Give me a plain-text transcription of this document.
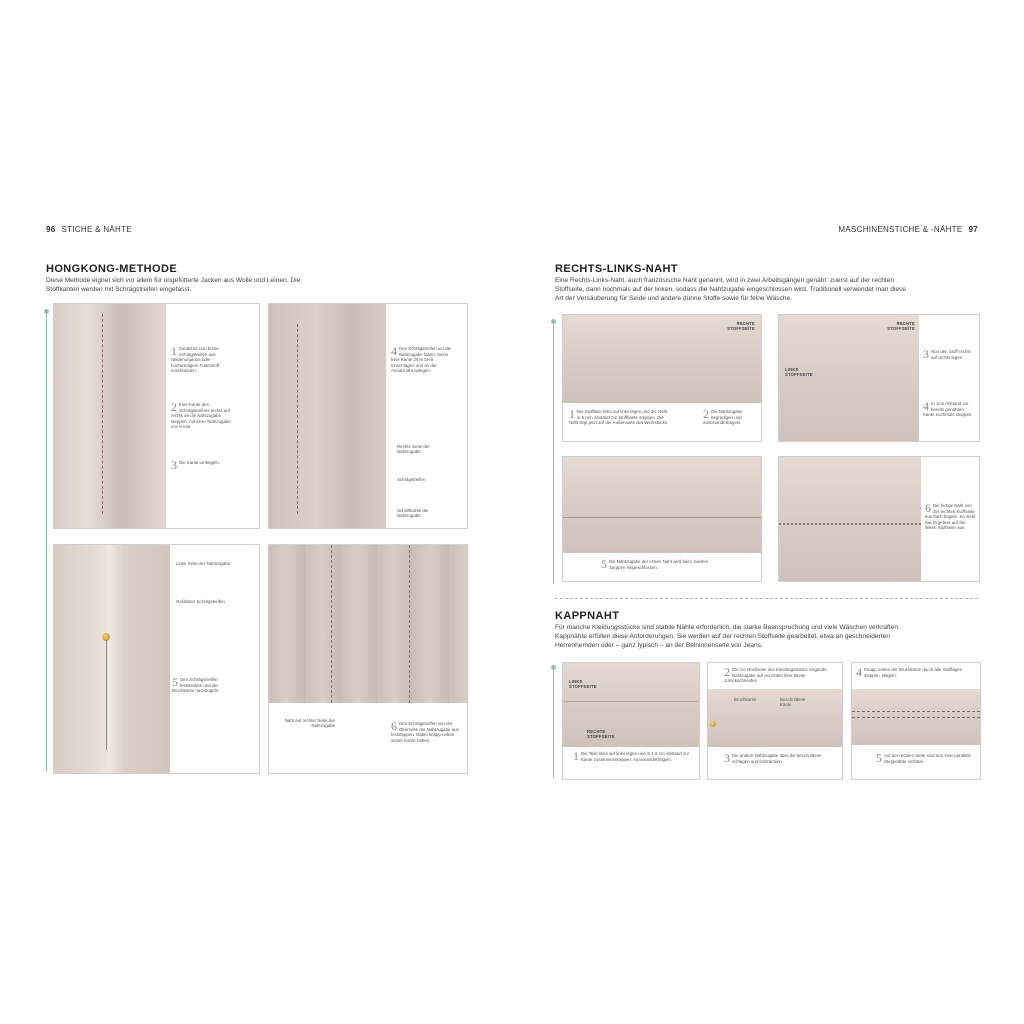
96 STICHE & NÄHTE
HONGKONG-METHODE

Diese Methode eignet sich vor allem für ungefütterte Jacken aus Wolle und Leinen. Die Stoffkanten werden mit Schrägstreifen eingefasst.

1 Zunächst 2cm breite Schrägstreifen aus Seidenorganza oder hochwertigem Futterstoff zuschneiden.
2 Eine Kante des Schrägstreifens rechts auf rechts an die Nahtzugabe steppen, mit einer Nahtzugabe von 5 mm.
3 Die Kante umbügeln.
4 Den Schrägstreifen um die Nahtzugabe falten. Seine freie Kante 2mm breit einschlagen und an der Ansatznaht anlegen.
Rechte Seite der Nahtzugabe
Schrägstreifen
Schnittkante der Nahtzugabe
Linke Seite der Nahtzugabe
Gefalteter Schrägstreifen
5 Den Schrägstreifen feststecken und die Bruchkante nachbügeln.
Naht auf rechter Seite der Nahtzugabe	6 Den Schrägstreifen von der Oberseite der Nahtzugabe aus feststeppen. Dabei knapp neben seiner Kante nähen.
MASCHINENSTICHE & -NÄHTE 97
RECHTS-LINKS-NAHT

Eine Rechts-Links-Naht, auch französische Naht genannt, wird in zwei Arbeitsgängen genäht: zuerst auf der rechten Stoffseite, dann nochmals auf der linken, sodass die Nahtzugabe eingeschlossen wird. Traditionell verwendet man diese Art der Versäuberung für Seide und andere dünne Stoffe sowie für feine Wäsche.

RECHTE STOFFSEITE
1 Die Stoffteile links auf links legen und die Naht in 5 mm Abstand zur Stoffkante steppen. Die Naht liegt jetzt auf der Außenseite des Werkstücks.
2 Die Nahtzugabe begradigen und auseinanderbügeln.
RECHTE STOFFSEITE
LINKE STOFFSEITE
3 Nun den Stoff rechts auf rechts legen.
4 In 1cm Abstand zur bereits genähten Kante nochmals steppen.
5 Die Nahtzugabe der ersten Naht wird beim zweiten Steppen eingeschlossen.
6 Die fertige Naht von der rechten Stoffseite aus flach bügeln. So sieht das Ergebnis auf der linken Stoffseite aus.
KAPPNAHT

Für manche Kleidungsstücke sind stabile Nähte erforderlich, die starke Beanspruchung und viele Wäschen verkraften. Kappnähte erfüllen diese Anforderungen. Sie werden auf der rechten Stoffseite gearbeitet, etwa an geschneiderten Herrenhemden oder – ganz typisch – an der Beininnenseite von Jeans.

LINKE STOFFSEITE
RECHTE STOFFSEITE
1 Die Teile links auf links legen und in 1,5 cm Abstand zur Kante zusammensteppen. Auseinanderbügeln.
2 Die zur Rückseite des Kleidungsstücks zeigende Nahtzugabe auf ein Drittel ihrer Breite zurückschneiden.
Bruchkante	Beschnittene Kante
3 Die andere Nahtzugabe über die beschnittene schlagen und feststecken.
4 Knapp neben der Bruchkante durch alle Stofflagen steppen. Bügeln.
5 Auf der rechten Seite sind nun zwei parallele Steppnähte sichtbar.
